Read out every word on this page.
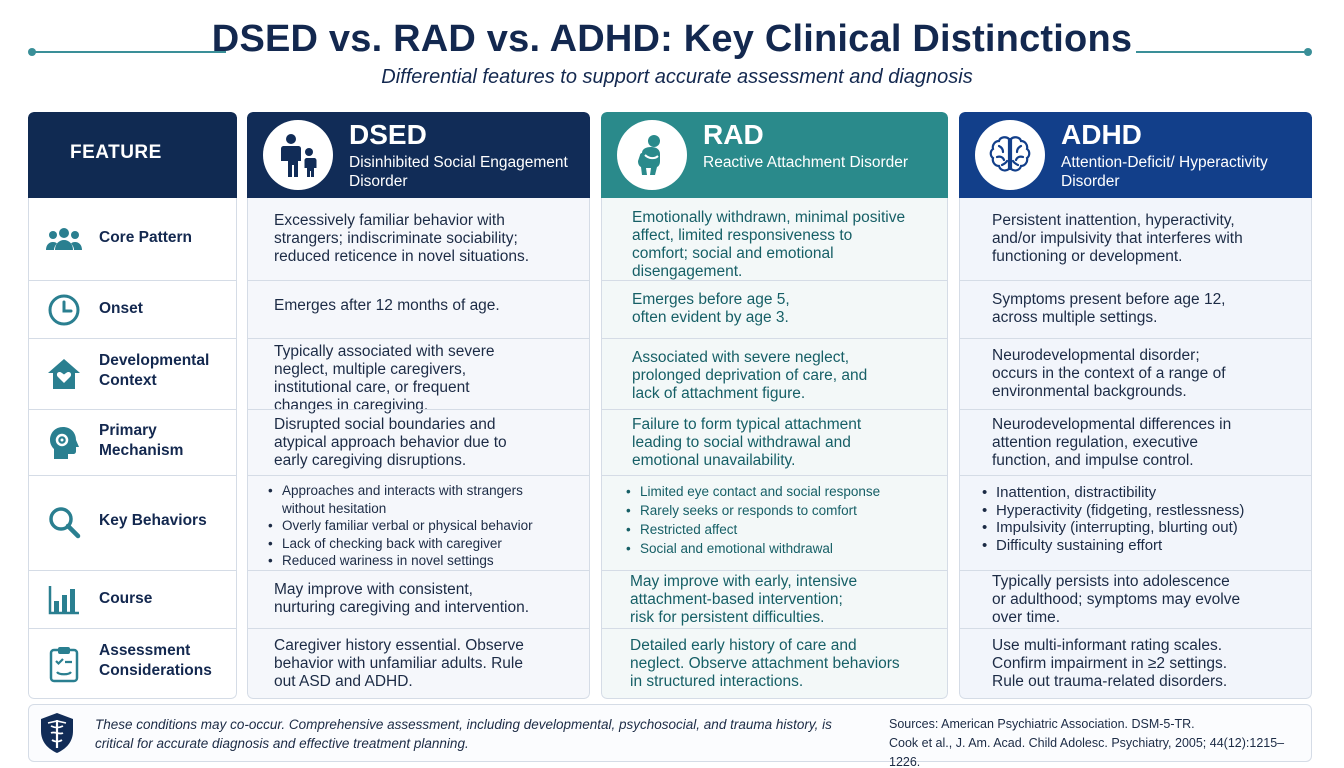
DSED vs. RAD vs. ADHD: Key Clinical Distinctions
Differential features to support accurate assessment and diagnosis
FEATURE
Core Pattern
Onset
Developmental Context
Primary Mechanism
Key Behaviors
Course
Assessment Considerations
DSED
Disinhibited Social Engagement Disorder
Excessively familiar behavior with strangers; indiscriminate sociability; reduced reticence in novel situations.
Emerges after 12 months of age.
Typically associated with severe neglect, multiple caregivers, institutional care, or frequent changes in caregiving.
Disrupted social boundaries and atypical approach behavior due to early caregiving disruptions.
• Approaches and interacts with strangers without hesitation
• Overly familiar verbal or physical behavior
• Lack of checking back with caregiver
• Reduced wariness in novel settings
May improve with consistent, nurturing caregiving and intervention.
Caregiver history essential. Observe behavior with unfamiliar adults. Rule out ASD and ADHD.
RAD
Reactive Attachment Disorder
Emotionally withdrawn, minimal positive affect, limited responsiveness to comfort; social and emotional disengagement.
Emerges before age 5, often evident by age 3.
Associated with severe neglect, prolonged deprivation of care, and lack of attachment figure.
Failure to form typical attachment leading to social withdrawal and emotional unavailability.
• Limited eye contact and social response
• Rarely seeks or responds to comfort
• Restricted affect
• Social and emotional withdrawal
May improve with early, intensive attachment-based intervention; risk for persistent difficulties.
Detailed early history of care and neglect. Observe attachment behaviors in structured interactions.
ADHD
Attention-Deficit/ Hyperactivity Disorder
Persistent inattention, hyperactivity, and/or impulsivity that interferes with functioning or development.
Symptoms present before age 12, across multiple settings.
Neurodevelopmental disorder; occurs in the context of a range of environmental backgrounds.
Neurodevelopmental differences in attention regulation, executive function, and impulse control.
• Inattention, distractibility
• Hyperactivity (fidgeting, restlessness)
• Impulsivity (interrupting, blurting out)
• Difficulty sustaining effort
Typically persists into adolescence or adulthood; symptoms may evolve over time.
Use multi-informant rating scales. Confirm impairment in ≥2 settings. Rule out trauma-related disorders.
These conditions may co-occur. Comprehensive assessment, including developmental, psychosocial, and trauma history, is critical for accurate diagnosis and effective treatment planning.
Sources: American Psychiatric Association. DSM-5-TR.
Cook et al., J. Am. Acad. Child Adolesc. Psychiatry, 2005; 44(12):1215–1226.
